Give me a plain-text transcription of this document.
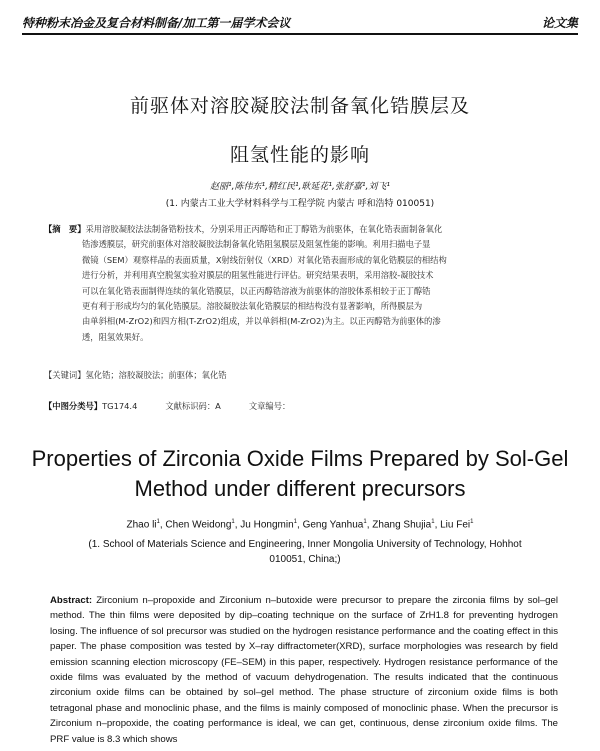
特种粉末冶金及复合材料制备/加工第一届学术会议	论文集
前驱体对溶胶凝胶法制备氧化锆膜层及
阻氢性能的影响
赵丽¹,陈伟东¹,精红民¹,耿延花¹,张舒嘉¹,刘飞¹
(1. 内蒙古工业大学材料科学与工程学院 内蒙古 呼和浩特 010051)
【摘　要】采用溶胶凝胶法法制备锆粉技术，分别采用正丙醇锆和正丁醇锆为前驱体，在氧化锆表面制备氧化
锆渗透膜层，研究前驱体对溶胶凝胶法制备氧化锆阻氢膜层及阻氢性能的影响。利用扫描电子显
微镜（SEM）观察样品的表面质量，X射线衍射仪（XRD）对氧化锆表面形成的氧化锆膜层的相结构
进行分析，并利用真空脱氢实验对膜层的阻氢性能进行评估。研究结果表明，采用溶胶-凝胶技术
可以在氧化锆表面制得连续的氧化锆膜层，以正丙醇锆溶液为前驱体的溶胶体系相较于正丁醇锆
更有利于形成均匀的氧化锆膜层。溶胶凝胶法氧化锆膜层的相结构没有显著影响，所得膜层为
由单斜相(M-ZrO2)和四方相(T-ZrO2)组成，并以单斜相(M-ZrO2)为主。以正丙醇锆为前驱体的渗
透，阻氢效果好。
【关键词】氢化锆；溶胶凝胶法；前驱体；氧化锆
【中图分类号】TG174.4	文献标识码：A	文章编号：
Properties of Zirconia Oxide Films Prepared by Sol-Gel
Method under different precursors
Zhao $li^1$, Chen Weidong$^1$, Ju Hongmin$^1$, Geng Yanhua$^1$, Zhang Shujia$^1$, Liu Fei$^1$
(1. School of Materials Science and Engineering, Inner Mongolia University of Technology, Hohhot 010051, China;)
Abstract: Zirconium n–propoxide and Zirconium n–butoxide were precursor to prepare the zirconia films by sol–gel method. The thin films were deposited by dip–coating technique on the surface of ZrH1.8 for preventing hydrogen losing. The influence of sol precursor was studied on the hydrogen resistance performance and the coating effect in this paper. The phase composition was tested by X–ray diffractometer(XRD), surface morphologies was research by field emission scanning election microscopy (FE–SEM) in this paper, respectively. Hydrogen resistance performance of the oxide films was evaluated by the method of vacuum dehydrogenation. The results indicated that the continuous zirconium oxide films can be obtained by sol–gel method. The phase structure of zirconium oxide films is both tetragonal phase and monoclinic phase, and the films is mainly composed of monoclinic phase. When the precursor is Zirconium n–propoxide, the coating performance is ideal, we can get, continuous, dense zirconium oxide films. The PRF value is 8.3 which shows
